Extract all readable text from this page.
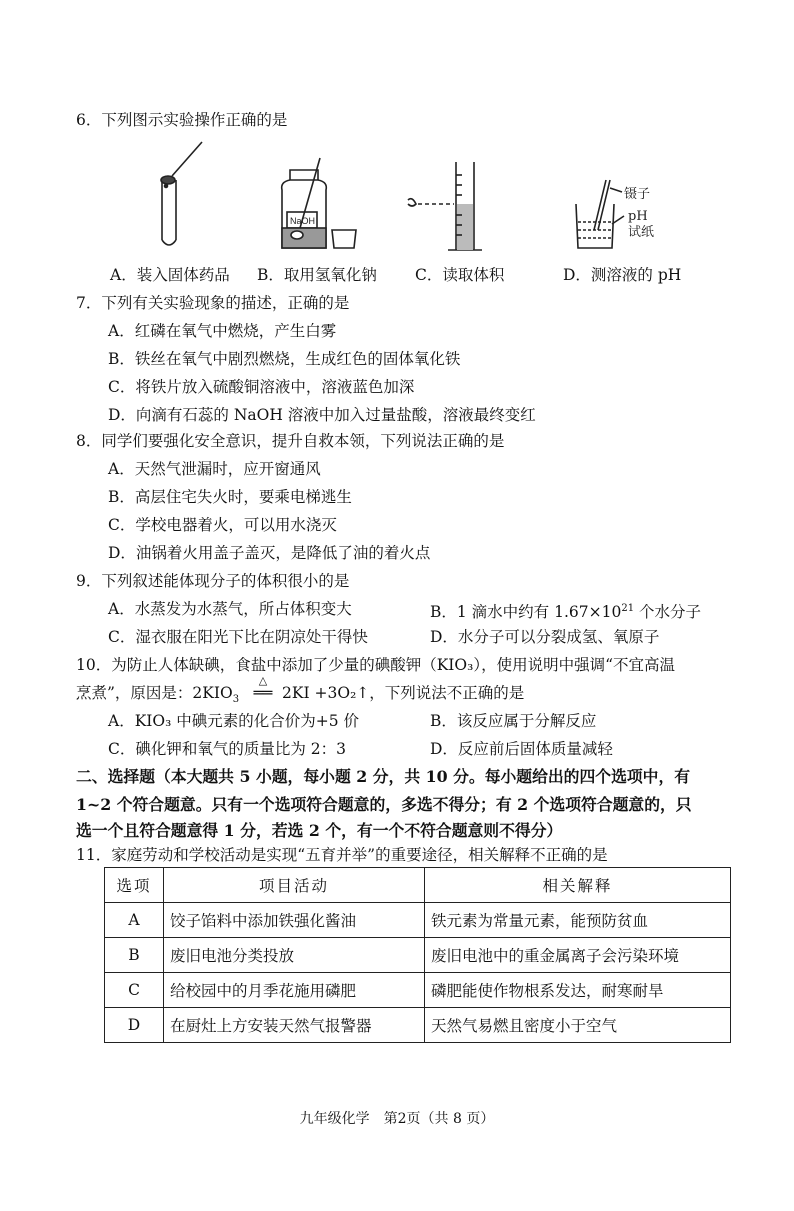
6．下列图示实验操作正确的是
NaOH
镊子
pH
试纸
A．装入固体药品 B．取用氢氧化钠 C．读取体积	D．测溶液的 pH
7．下列有关实验现象的描述，正确的是
A．红磷在氧气中燃烧，产生白雾
B．铁丝在氧气中剧烈燃烧，生成红色的固体氧化铁
C．将铁片放入硫酸铜溶液中，溶液蓝色加深
D．向滴有石蕊的 NaOH 溶液中加入过量盐酸，溶液最终变红
8．同学们要强化安全意识，提升自救本领，下列说法正确的是
A．天然气泄漏时，应开窗通风
B．高层住宅失火时，要乘电梯逃生
C．学校电器着火，可以用水浇灭
D．油锅着火用盖子盖灭，是降低了油的着火点
9．下列叙述能体现分子的体积很小的是
A．水蒸发为水蒸气，所占体积变大	B．1 滴水中约有 $1.67\times 10^{21}$ 个水分子
C．湿衣服在阳光下比在阴凉处干得快	D．水分子可以分裂成氢、氧原子
10．为防止人体缺碘，食盐中添加了少量的碘酸钾（KIO₃），使用说明中强调“不宜高温
烹煮”，原因是：$2KIO_3$
△
══ 2KI +3O₂↑，下列说法不正确的是
A．KIO₃ 中碘元素的化合价为+5 价	B．该反应属于分解反应
C．碘化钾和氧气的质量比为 2：3	D．反应前后固体质量减轻
二、选择题（本大题共 5 小题，每小题 2 分，共 10 分。每小题给出的四个选项中，有
1~2 个符合题意。只有一个选项符合题意的，多选不得分；有 2 个选项符合题意的，只
选一个且符合题意得 1 分，若选 2 个，有一个不符合题意则不得分）
11．家庭劳动和学校活动是实现“五育并举”的重要途径，相关解释不正确的是
选项	项目活动	相关解释
A	饺子馅料中添加铁强化酱油	铁元素为常量元素，能预防贫血
B	废旧电池分类投放	废旧电池中的重金属离子会污染环境
C	给校园中的月季花施用磷肥	磷肥能使作物根系发达，耐寒耐旱
D	在厨灶上方安装天然气报警器	天然气易燃且密度小于空气
九年级化学　第2页（共 8 页）
